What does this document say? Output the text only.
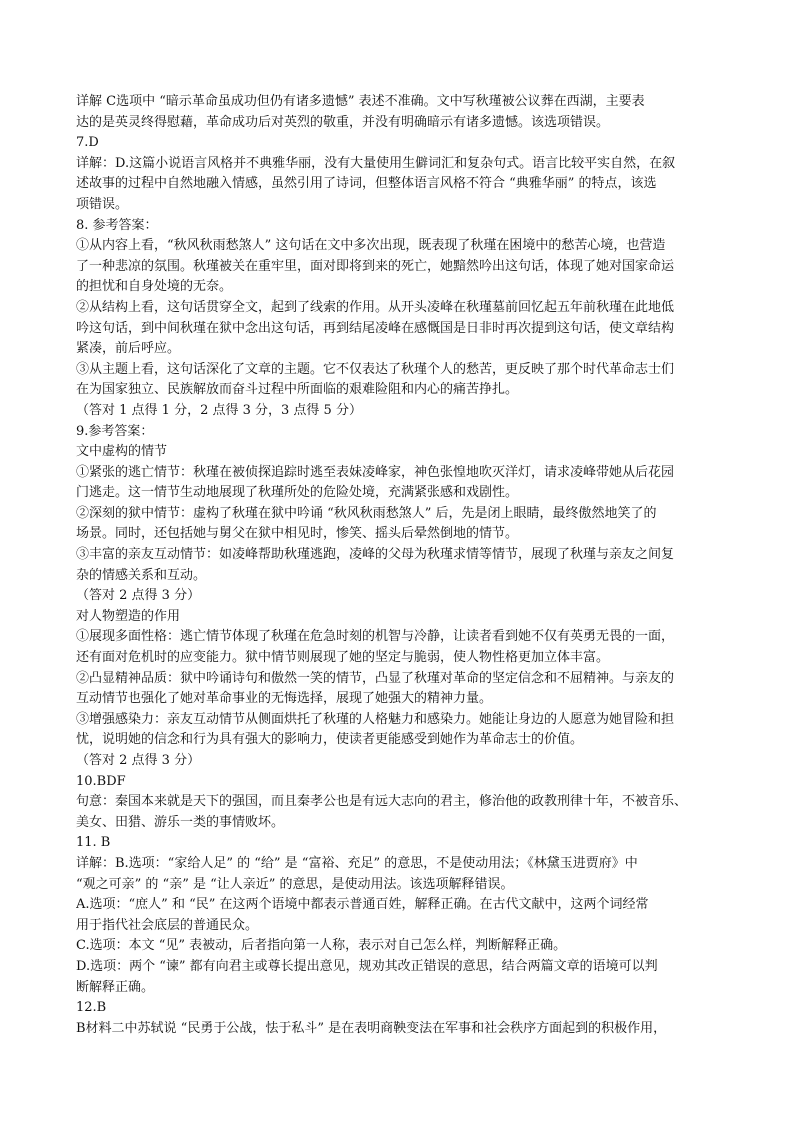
详解 C选项中 “暗示革命虽成功但仍有诸多遗憾” 表述不准确。文中写秋瑾被公议葬在西湖，主要表
达的是英灵终得慰藉，革命成功后对英烈的敬重，并没有明确暗示有诸多遗憾。该选项错误。
7.D
详解：D.这篇小说语言风格并不典雅华丽，没有大量使用生僻词汇和复杂句式。语言比较平实自然，在叙
述故事的过程中自然地融入情感，虽然引用了诗词，但整体语言风格不符合 “典雅华丽” 的特点，该选
项错误。
8. 参考答案：
①从内容上看，“秋风秋雨愁煞人” 这句话在文中多次出现，既表现了秋瑾在困境中的愁苦心境，也营造
了一种悲凉的氛围。秋瑾被关在重牢里，面对即将到来的死亡，她黯然吟出这句话，体现了她对国家命运
的担忧和自身处境的无奈。
②从结构上看，这句话贯穿全文，起到了线索的作用。从开头凌峰在秋瑾墓前回忆起五年前秋瑾在此地低
吟这句话，到中间秋瑾在狱中念出这句话，再到结尾凌峰在感慨国是日非时再次提到这句话，使文章结构
紧凑，前后呼应。
③从主题上看，这句话深化了文章的主题。它不仅表达了秋瑾个人的愁苦，更反映了那个时代革命志士们
在为国家独立、民族解放而奋斗过程中所面临的艰难险阻和内心的痛苦挣扎。
（答对 1 点得 1 分，2 点得 3 分，3 点得 5 分）
9.参考答案：
文中虚构的情节
①紧张的逃亡情节：秋瑾在被侦探追踪时逃至表妹凌峰家，神色张惶地吹灭洋灯，请求凌峰带她从后花园
门逃走。这一情节生动地展现了秋瑾所处的危险处境，充满紧张感和戏剧性。
②深刻的狱中情节：虚构了秋瑾在狱中吟诵 “秋风秋雨愁煞人” 后，先是闭上眼睛，最终傲然地笑了的
场景。同时，还包括她与舅父在狱中相见时，惨笑、摇头后晕然倒地的情节。
③丰富的亲友互动情节：如凌峰帮助秋瑾逃跑，凌峰的父母为秋瑾求情等情节，展现了秋瑾与亲友之间复
杂的情感关系和互动。
（答对 2 点得 3 分）
对人物塑造的作用
①展现多面性格：逃亡情节体现了秋瑾在危急时刻的机智与冷静，让读者看到她不仅有英勇无畏的一面，
还有面对危机时的应变能力。狱中情节则展现了她的坚定与脆弱，使人物性格更加立体丰富。
②凸显精神品质：狱中吟诵诗句和傲然一笑的情节，凸显了秋瑾对革命的坚定信念和不屈精神。与亲友的
互动情节也强化了她对革命事业的无悔选择，展现了她强大的精神力量。
③增强感染力：亲友互动情节从侧面烘托了秋瑾的人格魅力和感染力。她能让身边的人愿意为她冒险和担
忧，说明她的信念和行为具有强大的影响力，使读者更能感受到她作为革命志士的价值。
（答对 2 点得 3 分）
10.BDF
句意：秦国本来就是天下的强国，而且秦孝公也是有远大志向的君主，修治他的政教刑律十年，不被音乐、
美女、田猎、游乐一类的事情败坏。
11. B
详解：B.选项：“家给人足” 的 “给” 是 “富裕、充足” 的意思，不是使动用法；《林黛玉进贾府》中
“观之可亲” 的 “亲” 是 “让人亲近” 的意思，是使动用法。该选项解释错误。
A.选项：“庶人” 和 “民” 在这两个语境中都表示普通百姓，解释正确。在古代文献中，这两个词经常
用于指代社会底层的普通民众。
C.选项：本文 “见” 表被动，后者指向第一人称，表示对自己怎么样，判断解释正确。
D.选项：两个 “谏” 都有向君主或尊长提出意见，规劝其改正错误的意思，结合两篇文章的语境可以判
断解释正确。
12.B
B材料二中苏轼说 “民勇于公战，怯于私斗” 是在表明商鞅变法在军事和社会秩序方面起到的积极作用，
